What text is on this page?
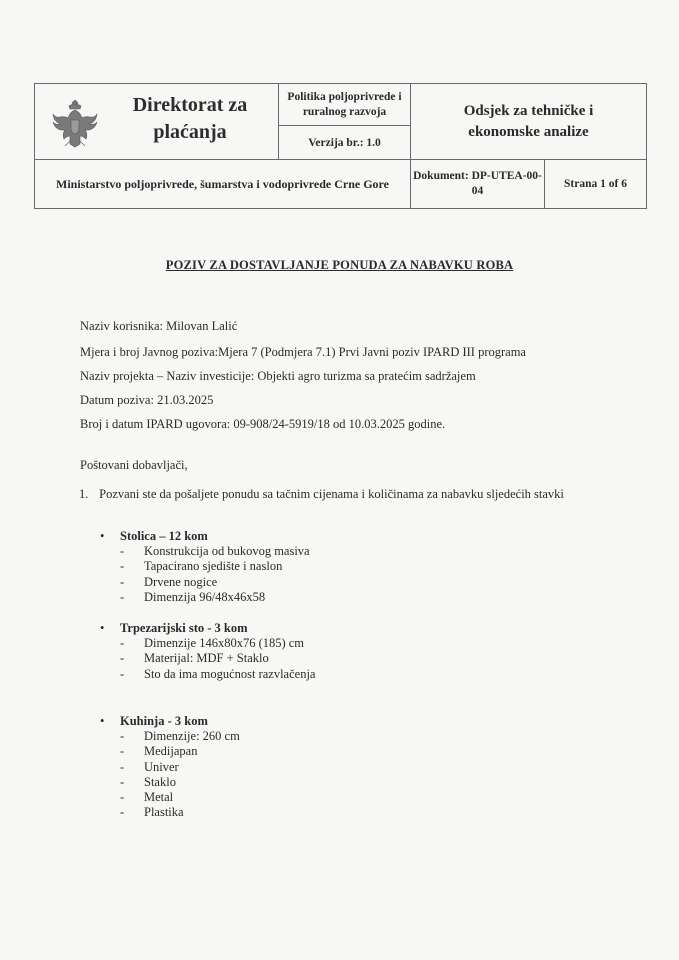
Direktorat za plaćanja
Politika poljoprivrede i ruralnog razvoja
Verzija br.: 1.0
Odsjek za tehničke i ekonomske analize
Ministarstvo poljoprivrede, šumarstva i vodoprivrede Crne Gore
Dokument: DP-UTEA-00-04
Strana 1 of 6
POZIV ZA DOSTAVLJANJE PONUDA ZA NABAVKU ROBA
Naziv korisnika: Milovan Lalić
Mjera i broj Javnog poziva:Mjera 7 (Podmjera 7.1) Prvi Javni poziv IPARD III programa
Naziv projekta – Naziv investicije: Objekti agro turizma sa pratećim sadržajem
Datum poziva: 21.03.2025
Broj i datum IPARD ugovora: 09-908/24-5919/18 od 10.03.2025 godine.
Poštovani dobavljači,
1. Pozvani ste da pošaljete ponudu sa tačnim cijenama i količinama za nabavku sljedećih stavki
• Stolica – 12 kom
- Konstrukcija od bukovog masiva
- Tapacirano sjedište i naslon
- Drvene nogice
- Dimenzija 96/48x46x58
• Trpezarijski sto - 3 kom
- Dimenzije 146x80x76 (185) cm
- Materijal: MDF + Staklo
- Sto da ima mogućnost razvlačenja
• Kuhinja - 3 kom
- Dimenzije: 260 cm
- Medijapan
- Univer
- Staklo
- Metal
- Plastika
